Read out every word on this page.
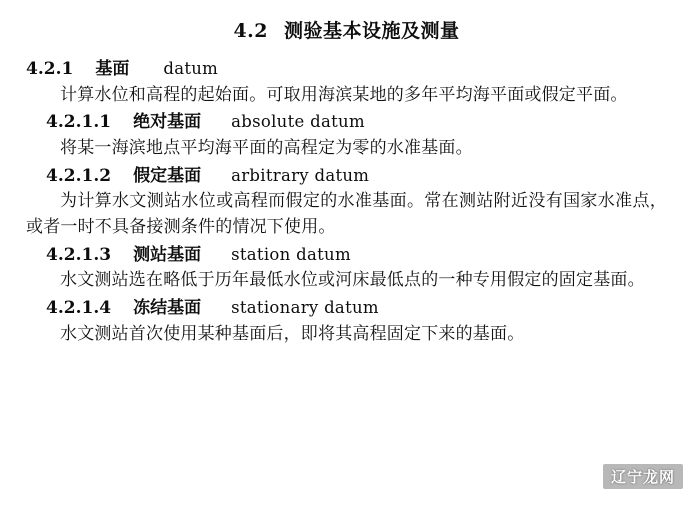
4.2 测验基本设施及测量
4.2.1 基面 datum

计算水位和高程的起始面。可取用海滨某地的多年平均海平面或假定平面。

4.2.1.1 绝对基面 absolute datum

将某一海滨地点平均海平面的高程定为零的水准基面。

4.2.1.2 假定基面 arbitrary datum

为计算水文测站水位或高程而假定的水准基面。常在测站附近没有国家水准点，或者一时不具备接测条件的情况下使用。

4.2.1.3 测站基面 station datum

水文测站选在略低于历年最低水位或河床最低点的一种专用假定的固定基面。

4.2.1.4 冻结基面 stationary datum

水文测站首次使用某种基面后，即将其高程固定下来的基面。

辽宁龙网
